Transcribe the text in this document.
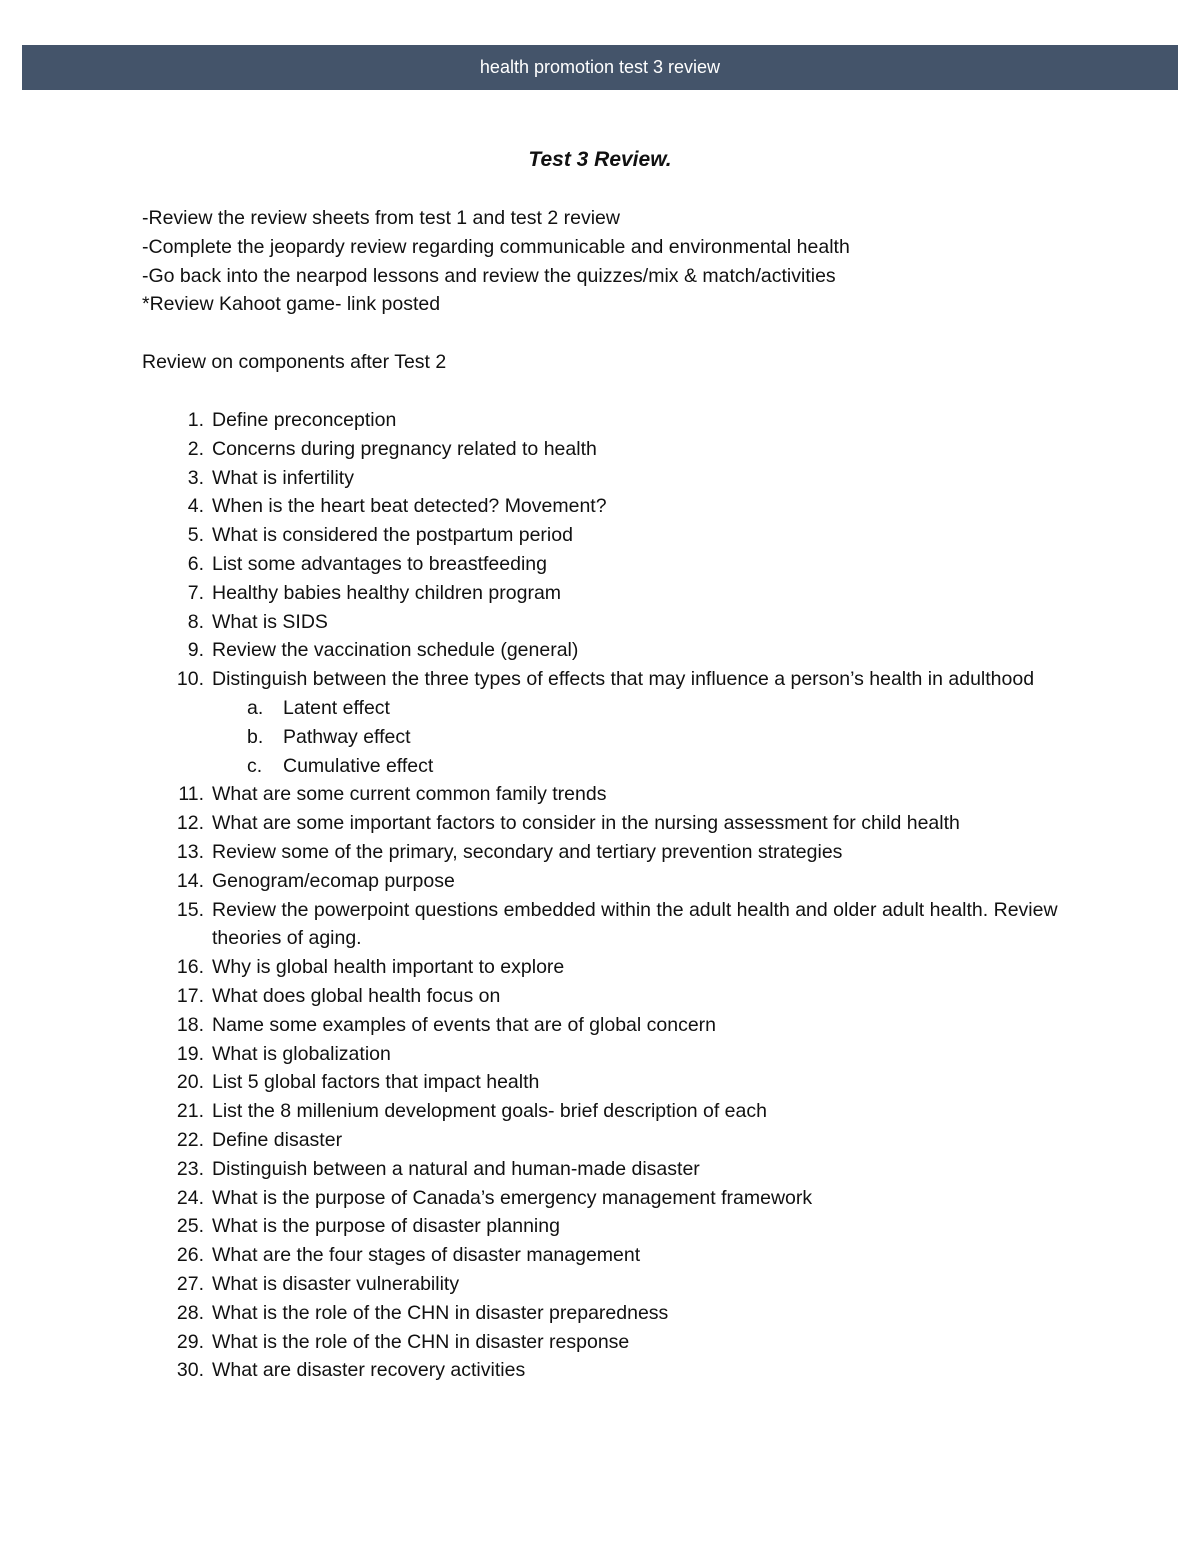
health promotion test 3 review
Test 3 Review.
-Review the review sheets from test 1 and test 2 review
-Complete the jeopardy review regarding communicable and environmental health
-Go back into the nearpod lessons and review the quizzes/mix & match/activities
*Review Kahoot game- link posted
Review on components after Test 2
1. Define preconception
2. Concerns during pregnancy related to health
3. What is infertility
4. When is the heart beat detected? Movement?
5. What is considered the postpartum period
6. List some advantages to breastfeeding
7. Healthy babies healthy children program
8. What is SIDS
9. Review the vaccination schedule (general)
10. Distinguish between the three types of effects that may influence a person’s health in adulthood
a. Latent effect
b. Pathway effect
c. Cumulative effect
11. What are some current common family trends
12. What are some important factors to consider in the nursing assessment for child health
13. Review some of the primary, secondary and tertiary prevention strategies
14. Genogram/ecomap purpose
15. Review the powerpoint questions embedded within the adult health and older adult health. Review theories of aging.
16. Why is global health important to explore
17. What does global health focus on
18. Name some examples of events that are of global concern
19. What is globalization
20. List 5 global factors that impact health
21. List the 8 millenium development goals- brief description of each
22. Define disaster
23. Distinguish between a natural and human-made disaster
24. What is the purpose of Canada’s emergency management framework
25. What is the purpose of disaster planning
26. What are the four stages of disaster management
27. What is disaster vulnerability
28. What is the role of the CHN in disaster preparedness
29. What is the role of the CHN in disaster response
30. What are disaster recovery activities
